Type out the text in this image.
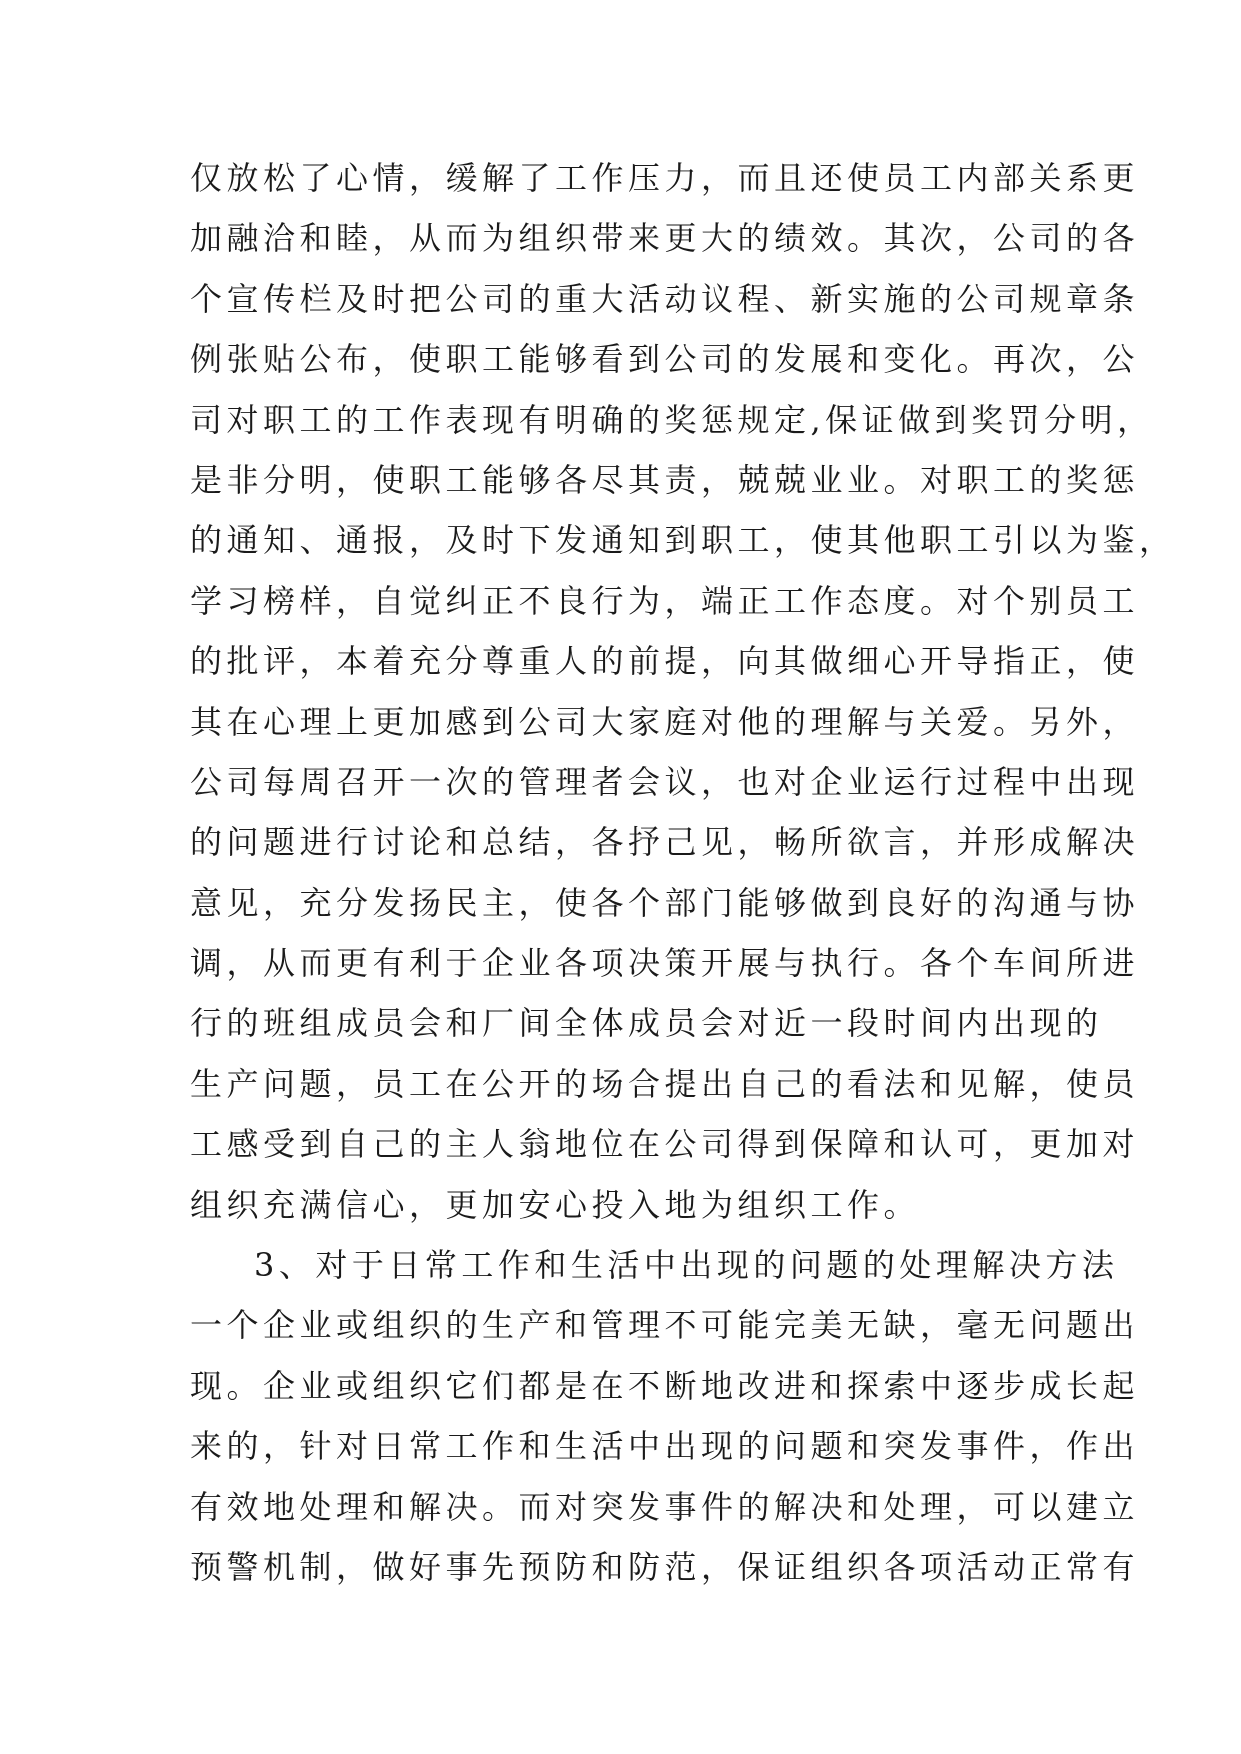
仅放松了心情，缓解了工作压力，而且还使员工内部关系更
加融洽和睦，从而为组织带来更大的绩效。其次，公司的各
个宣传栏及时把公司的重大活动议程、新实施的公司规章条
例张贴公布，使职工能够看到公司的发展和变化。再次，公
司对职工的工作表现有明确的奖惩规定,保证做到奖罚分明，
是非分明，使职工能够各尽其责，兢兢业业。对职工的奖惩
的通知、通报，及时下发通知到职工，使其他职工引以为鉴，
学习榜样，自觉纠正不良行为，端正工作态度。对个别员工
的批评，本着充分尊重人的前提，向其做细心开导指正，使
其在心理上更加感到公司大家庭对他的理解与关爱。另外，
公司每周召开一次的管理者会议，也对企业运行过程中出现
的问题进行讨论和总结，各抒己见，畅所欲言，并形成解决
意见，充分发扬民主，使各个部门能够做到良好的沟通与协
调，从而更有利于企业各项决策开展与执行。各个车间所进
行的班组成员会和厂间全体成员会对近一段时间内出现的
生产问题，员工在公开的场合提出自己的看法和见解，使员
工感受到自己的主人翁地位在公司得到保障和认可，更加对
组织充满信心，更加安心投入地为组织工作。
3、对于日常工作和生活中出现的问题的处理解决方法
一个企业或组织的生产和管理不可能完美无缺，毫无问题出
现。企业或组织它们都是在不断地改进和探索中逐步成长起
来的，针对日常工作和生活中出现的问题和突发事件，作出
有效地处理和解决。而对突发事件的解决和处理，可以建立
预警机制，做好事先预防和防范，保证组织各项活动正常有
